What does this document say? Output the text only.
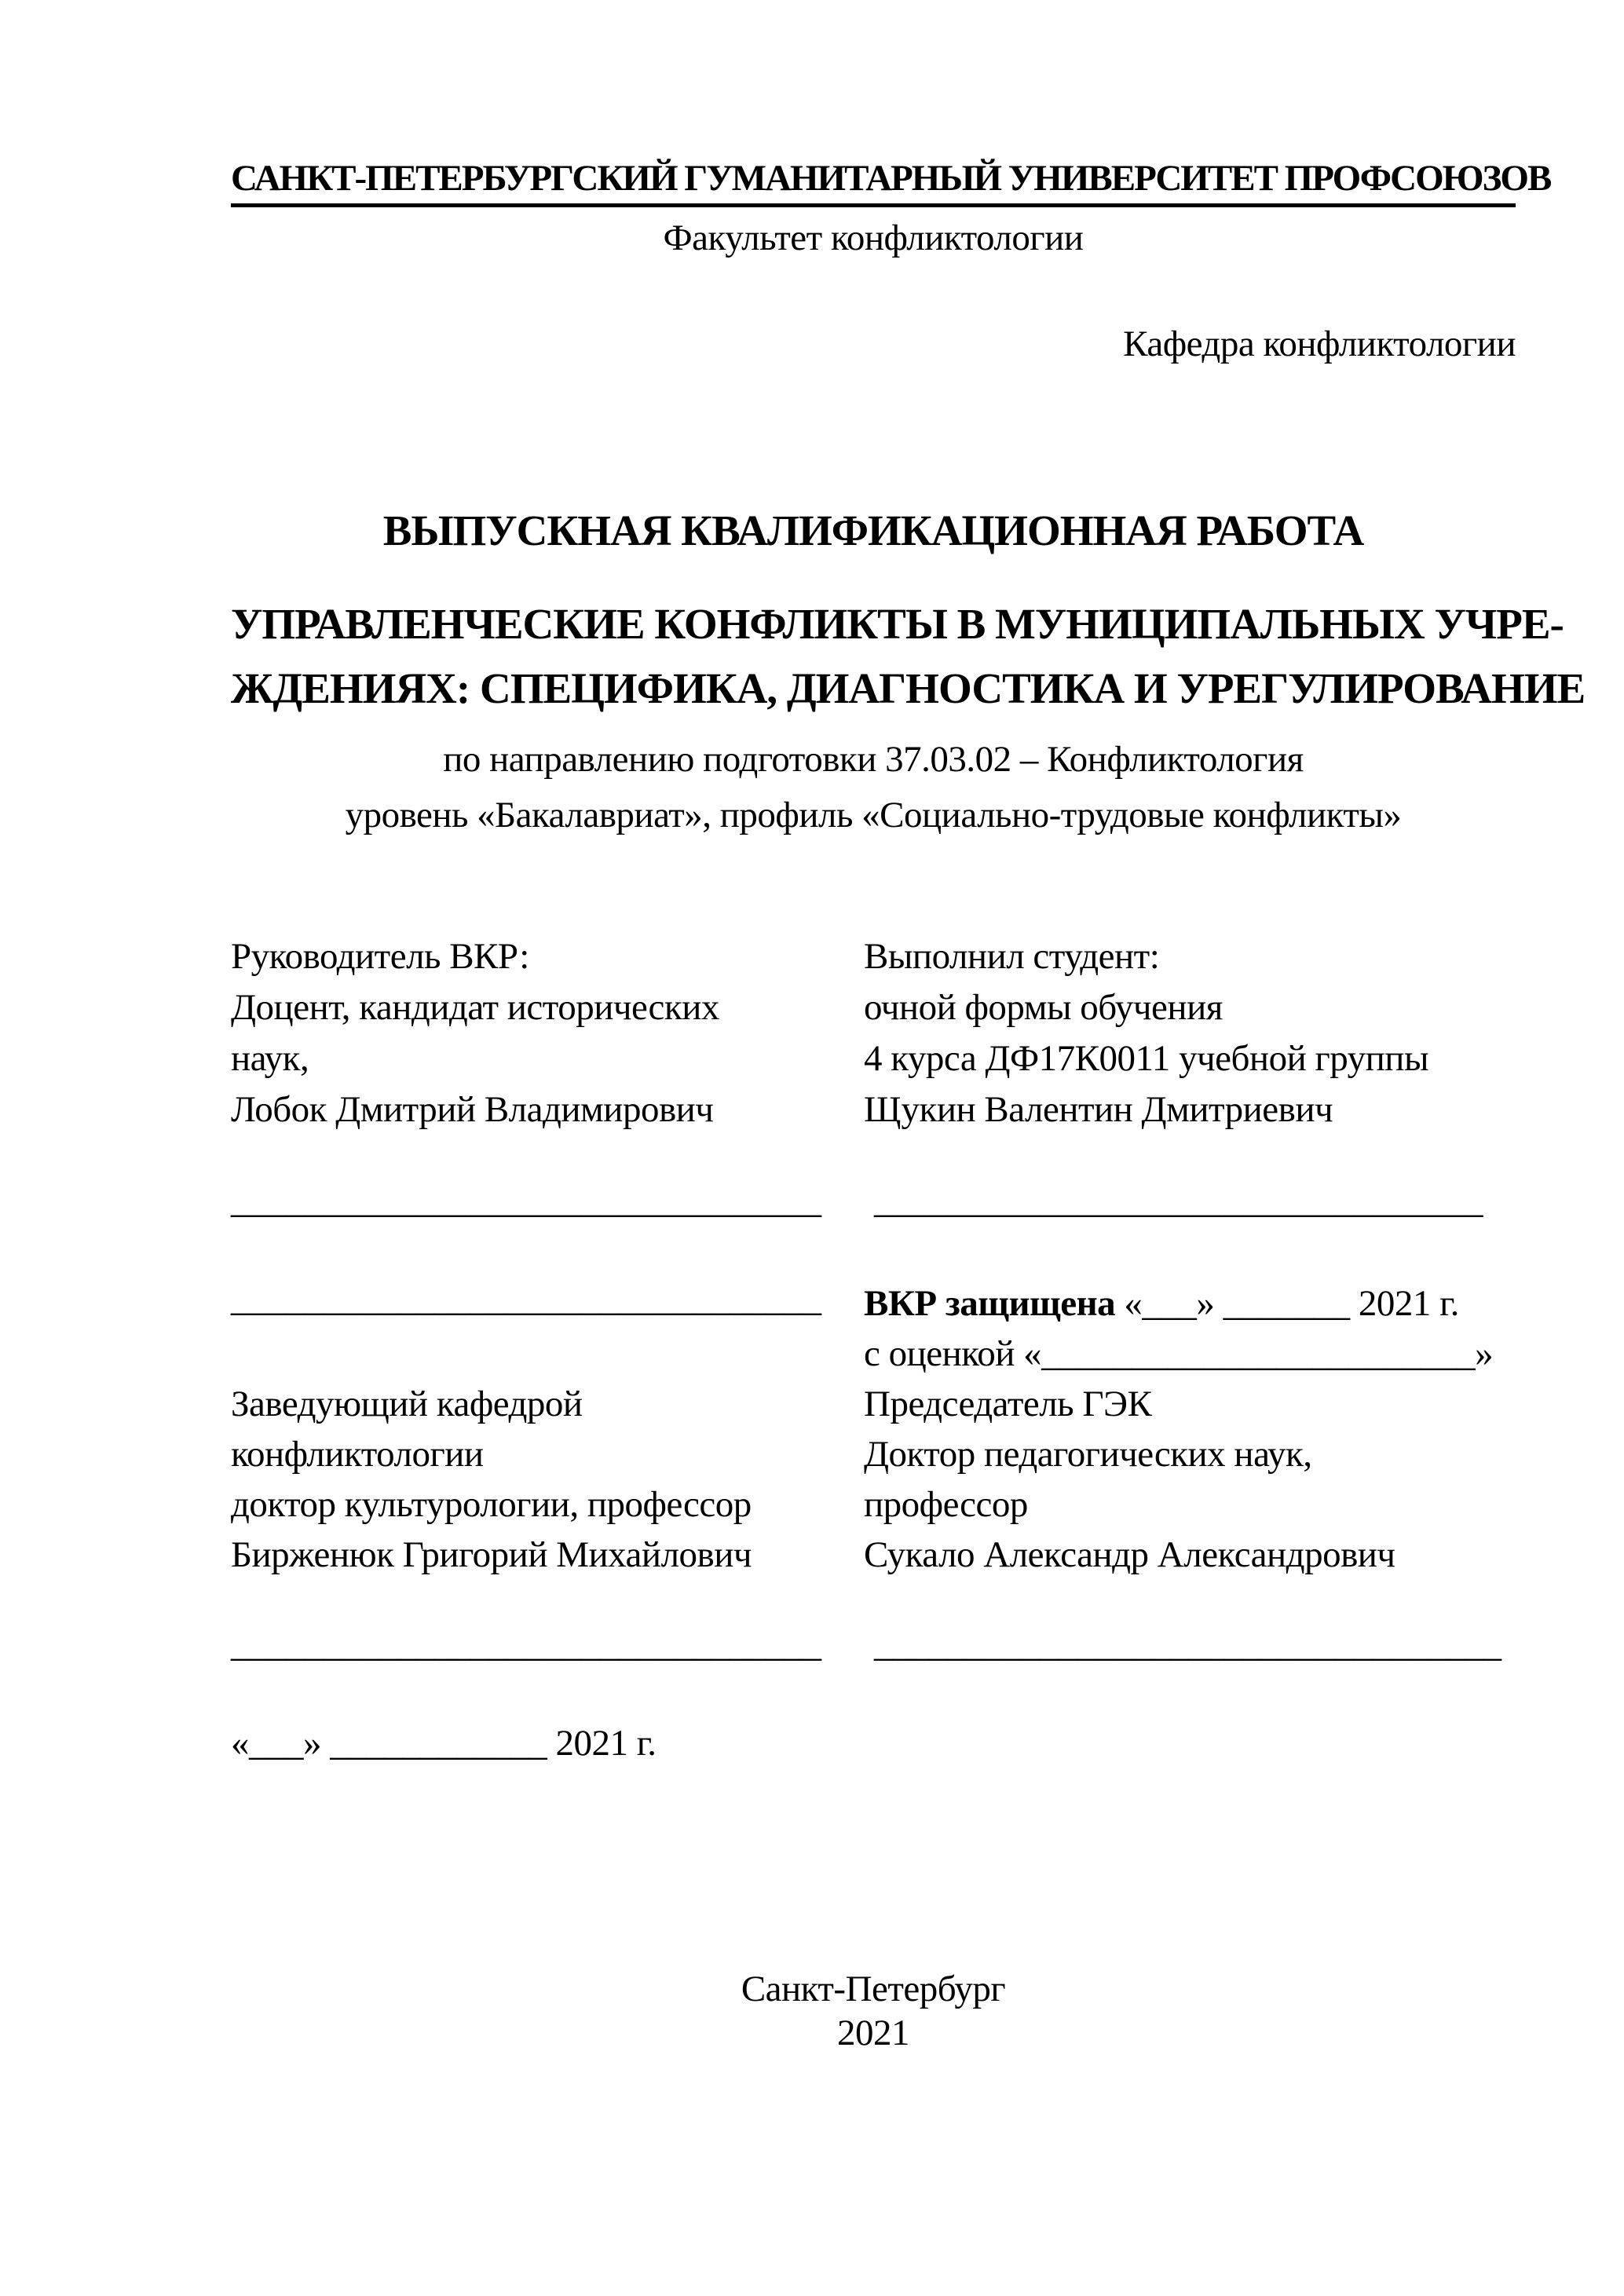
САНКТ-ПЕТЕРБУРГСКИЙ ГУМАНИТАРНЫЙ УНИВЕРСИТЕТ ПРОФСОЮЗОВ
Факультет конфликтологии
Кафедра конфликтологии
ВЫПУСКНАЯ КВАЛИФИКАЦИОННАЯ РАБОТА
УПРАВЛЕНЧЕСКИЕ КОНФЛИКТЫ В МУНИЦИПАЛЬНЫХ УЧРЕ-
ЖДЕНИЯХ: СПЕЦИФИКА, ДИАГНОСТИКА И УРЕГУЛИРОВАНИЕ
по направлению подготовки 37.03.02 – Конфликтология
уровень «Бакалавриат», профиль «Социально-трудовые конфликты»
Руководитель ВКР:
Доцент, кандидат исторических
наук,
Лобок Дмитрий Владимирович
Выполнил студент:
очной формы обучения
4 курса ДФ17К0011 учебной группы
Щукин Валентин Дмитриевич
________________________________ _________________________________
________________________________ ВКР защищена «___» _______ 2021 г.
с оценкой «________________________»
Председатель ГЭК
Доктор педагогических наук,
профессор
Сукало Александр Александрович
Заведующий кафедрой
конфликтологии
доктор культурологии, профессор
Бирженюк Григорий Михайлович
________________________________ __________________________________
«___» ____________ 2021 г.
Санкт-Петербург
2021
